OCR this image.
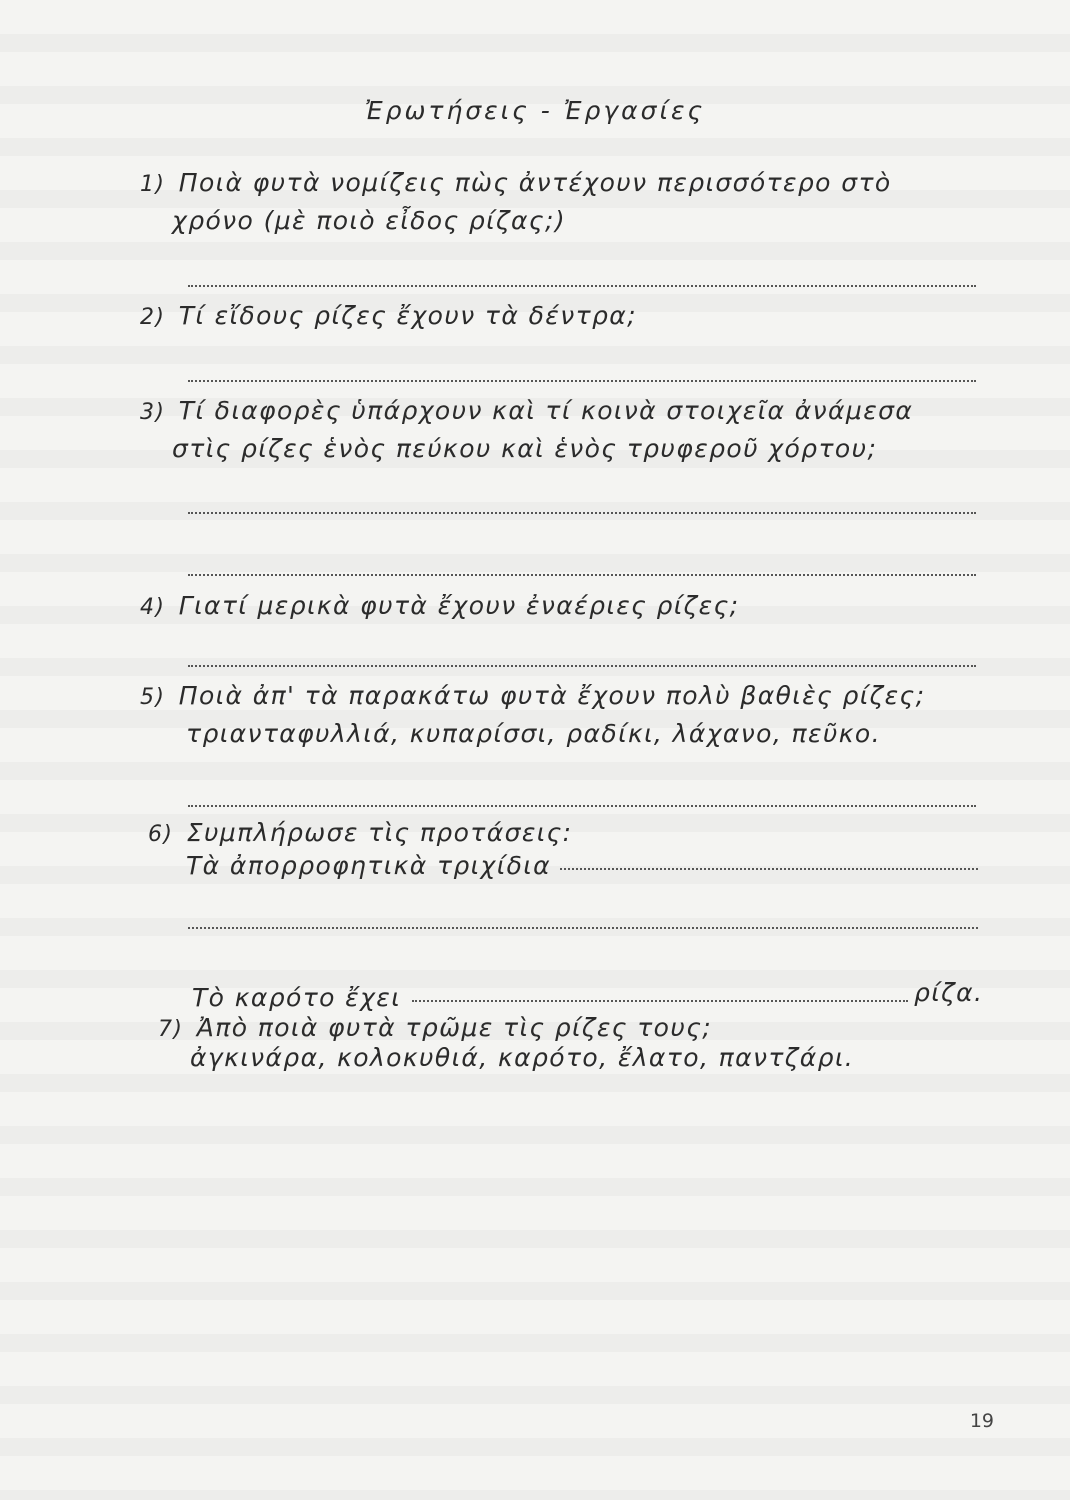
Ἐρωτήσεις - Ἐργασίες
1) Ποιὰ φυτὰ νομίζεις πὼς ἀντέχουν περισσότερο στὸ
χρόνο (μὲ ποιὸ εἶδος ρίζας;)
2) Τί εἴδους ρίζες ἔχουν τὰ δέντρα;
3) Τί διαφορὲς ὑπάρχουν καὶ τί κοινὰ στοιχεῖα ἀνάμεσα
στὶς ρίζες ἑνὸς πεύκου καὶ ἑνὸς τρυφεροῦ χόρτου;
4) Γιατί μερικὰ φυτὰ ἔχουν ἐναέριες ρίζες;
5) Ποιὰ ἀπ' τὰ παρακάτω φυτὰ ἔχουν πολὺ βαθιὲς ρίζες;
τριανταφυλλιά, κυπαρίσσι, ραδίκι, λάχανο, πεῦκο.
6) Συμπλήρωσε τὶς προτάσεις:
Τὰ ἀπορροφητικὰ τριχίδια
Τὸ καρότο ἔχει	ρίζα.
7) Ἀπὸ ποιὰ φυτὰ τρῶμε τὶς ρίζες τους;
ἀγκινάρα, κολοκυθιά, καρότο, ἔλατο, παντζάρι.
19
